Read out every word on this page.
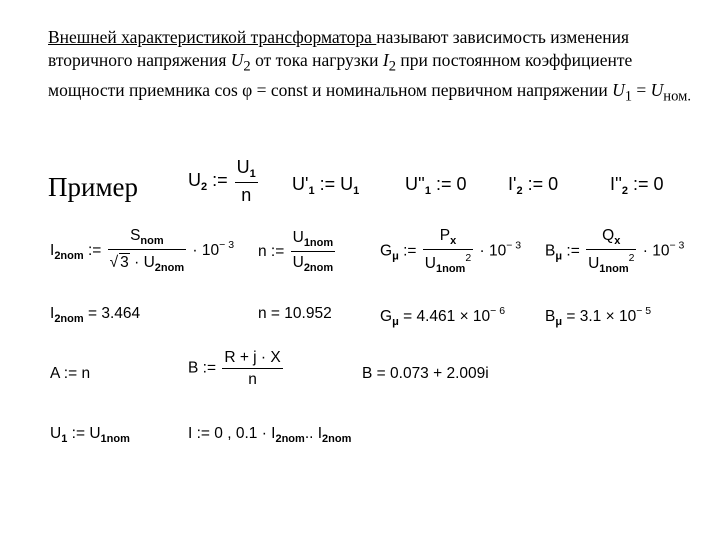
Внешней характеристикой трансформатора называют зависимость изменения вторичного напряжения $U_2$ от тока нагрузки $I_2$ при постоянном коэффициенте мощности приемника cos φ = const и номинальном первичном напряжении $U_1 = U_{ном.}$
Пример	$U_2$ := $\frac{U_1}{n} U'_1$ := $U_1$	$U''_1$ := 0 $I'_2$ := 0	$I''_2$ := 0
$I_{2nom}$ := $\frac{S_{nom}}{√ 3 \cdot U_{2nom}} \cdot 10^{- 3}$ n := $\frac{U_{1nom}}{U_{2nom}}$	$G_\mu$ := $\frac{P_x}{U_{1nom}^2} \cdot 10^{- 3}$ $B_\mu$ := $\frac{Q_x}{U_{1nom}^2} \cdot 10^{- 3}$
$I_{2nom} = 3.464$	n = 10.952	$G_\mu = 4.461 \times 10^{- 6}$	$B_\mu = 3.1 \times 10^{- 5}$
A := n	B := $\frac{R + j \cdot X}{n}$	B = 0.073 + 2.009i
$U_1$ := $U_{1nom}$	I := 0 , $0.1 \cdot I_{2nom}$.. $I_{2nom}$
